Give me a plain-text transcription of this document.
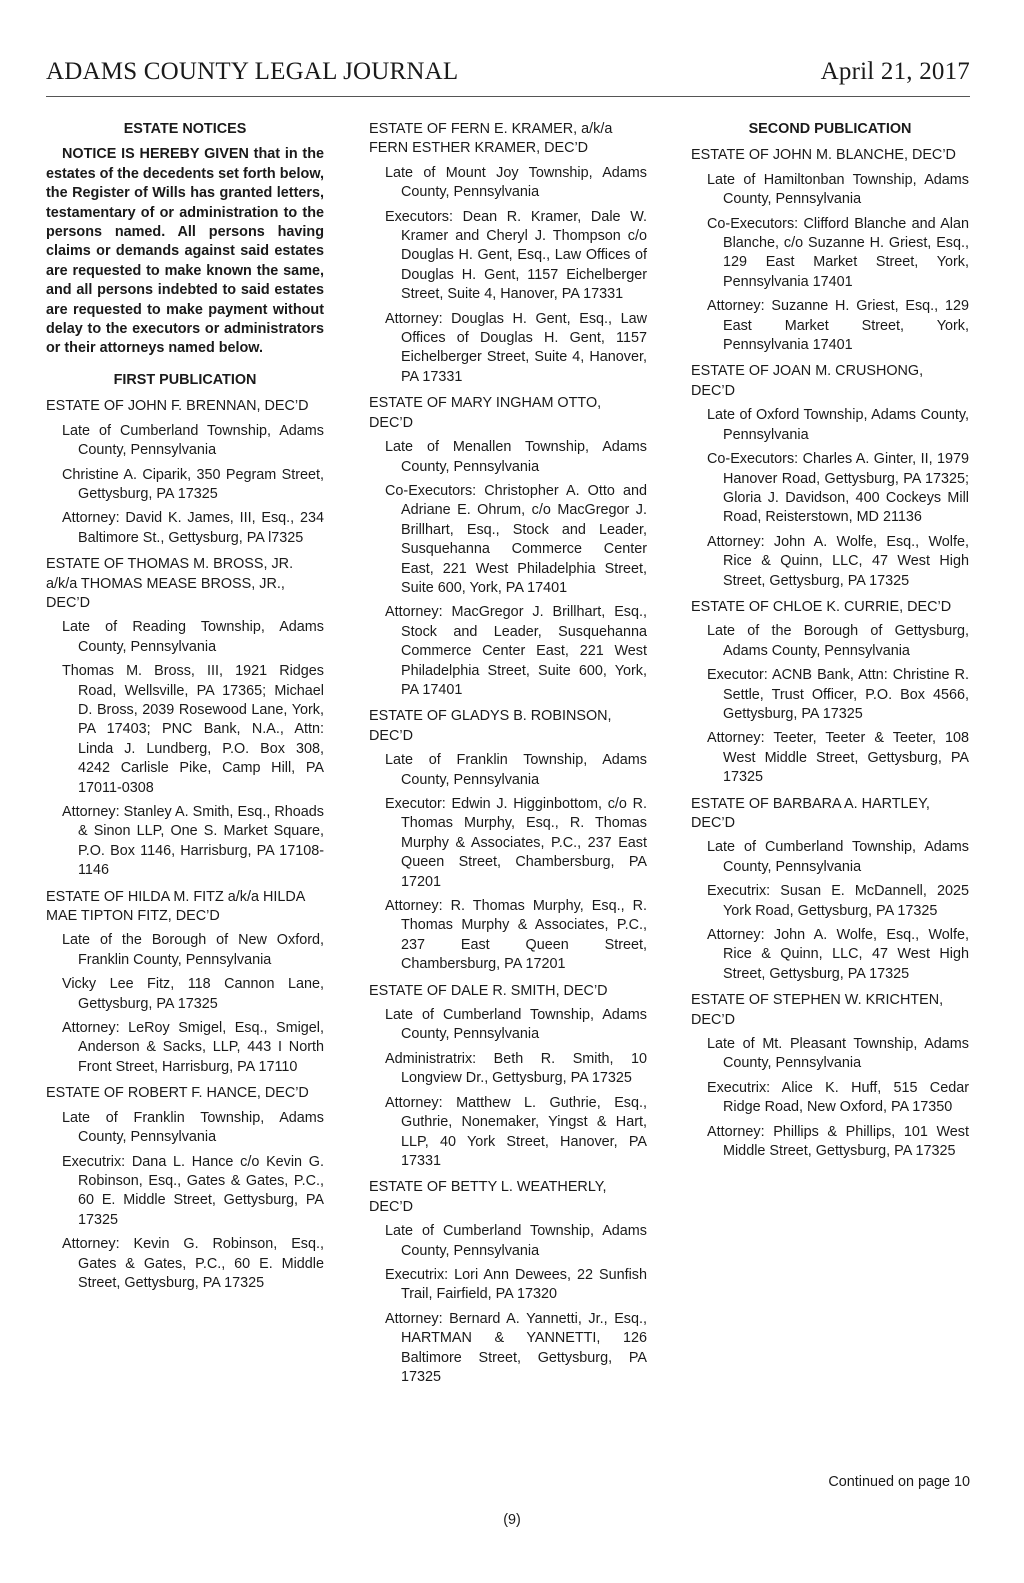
ADAMS COUNTY LEGAL JOURNAL	April 21, 2017
ESTATE NOTICES
NOTICE IS HEREBY GIVEN that in the estates of the decedents set forth below, the Register of Wills has granted letters, testamentary of or administration to the persons named. All persons having claims or demands against said estates are requested to make known the same, and all persons indebted to said estates are requested to make payment without delay to the executors or administrators or their attorneys named below.
FIRST PUBLICATION
ESTATE OF JOHN F. BRENNAN, DEC’D
Late of Cumberland Township, Adams County, Pennsylvania
Christine A. Ciparik, 350 Pegram Street, Gettysburg, PA 17325
Attorney: David K. James, III, Esq., 234 Baltimore St., Gettysburg, PA l7325
ESTATE OF THOMAS M. BROSS, JR. a/k/a THOMAS MEASE BROSS, JR., DEC’D
Late of Reading Township, Adams County, Pennsylvania
Thomas M. Bross, III, 1921 Ridges Road, Wellsville, PA 17365; Michael D. Bross, 2039 Rosewood Lane, York, PA 17403; PNC Bank, N.A., Attn: Linda J. Lundberg, P.O. Box 308, 4242 Carlisle Pike, Camp Hill, PA 17011-0308
Attorney: Stanley A. Smith, Esq., Rhoads & Sinon LLP, One S. Market Square, P.O. Box 1146, Harrisburg, PA 17108-1146
ESTATE OF HILDA M. FITZ a/k/a HILDA MAE TIPTON FITZ, DEC’D
Late of the Borough of New Oxford, Franklin County, Pennsylvania
Vicky Lee Fitz, 118 Cannon Lane, Gettysburg, PA 17325
Attorney: LeRoy Smigel, Esq., Smigel, Anderson & Sacks, LLP, 443 I North Front Street, Harrisburg, PA 17110
ESTATE OF ROBERT F. HANCE, DEC’D
Late of Franklin Township, Adams County, Pennsylvania
Executrix: Dana L. Hance c/o Kevin G. Robinson, Esq., Gates & Gates, P.C., 60 E. Middle Street, Gettysburg, PA 17325
Attorney: Kevin G. Robinson, Esq., Gates & Gates, P.C., 60 E. Middle Street, Gettysburg, PA 17325
ESTATE OF FERN E. KRAMER, a/k/a FERN ESTHER KRAMER, DEC’D
Late of Mount Joy Township, Adams County, Pennsylvania
Executors: Dean R. Kramer, Dale W. Kramer and Cheryl J. Thompson c/o Douglas H. Gent, Esq., Law Offices of Douglas H. Gent, 1157 Eichelberger Street, Suite 4, Hanover, PA 17331
Attorney: Douglas H. Gent, Esq., Law Offices of Douglas H. Gent, 1157 Eichelberger Street, Suite 4, Hanover, PA 17331
ESTATE OF MARY INGHAM OTTO, DEC’D
Late of Menallen Township, Adams County, Pennsylvania
Co-Executors: Christopher A. Otto and Adriane E. Ohrum, c/o MacGregor J. Brillhart, Esq., Stock and Leader, Susquehanna Commerce Center East, 221 West Philadelphia Street, Suite 600, York, PA 17401
Attorney: MacGregor J. Brillhart, Esq., Stock and Leader, Susquehanna Commerce Center East, 221 West Philadelphia Street, Suite 600, York, PA 17401
ESTATE OF GLADYS B. ROBINSON, DEC’D
Late of Franklin Township, Adams County, Pennsylvania
Executor: Edwin J. Higginbottom, c/o R. Thomas Murphy, Esq., R. Thomas Murphy & Associates, P.C., 237 East Queen Street, Chambersburg, PA 17201
Attorney: R. Thomas Murphy, Esq., R. Thomas Murphy & Associates, P.C., 237 East Queen Street, Chambersburg, PA 17201
ESTATE OF DALE R. SMITH, DEC’D
Late of Cumberland Township, Adams County, Pennsylvania
Administratrix: Beth R. Smith, 10 Longview Dr., Gettysburg, PA 17325
Attorney: Matthew L. Guthrie, Esq., Guthrie, Nonemaker, Yingst & Hart, LLP, 40 York Street, Hanover, PA 17331
ESTATE OF BETTY L. WEATHERLY, DEC’D
Late of Cumberland Township, Adams County, Pennsylvania
Executrix: Lori Ann Dewees, 22 Sunfish Trail, Fairfield, PA 17320
Attorney: Bernard A. Yannetti, Jr., Esq., HARTMAN & YANNETTI, 126 Baltimore Street, Gettysburg, PA 17325
SECOND PUBLICATION
ESTATE OF JOHN M. BLANCHE, DEC’D
Late of Hamiltonban Township, Adams County, Pennsylvania
Co-Executors: Clifford Blanche and Alan Blanche, c/o Suzanne H. Griest, Esq., 129 East Market Street, York, Pennsylvania 17401
Attorney: Suzanne H. Griest, Esq., 129 East Market Street, York, Pennsylvania 17401
ESTATE OF JOAN M. CRUSHONG, DEC’D
Late of Oxford Township, Adams County, Pennsylvania
Co-Executors: Charles A. Ginter, II, 1979 Hanover Road, Gettysburg, PA 17325; Gloria J. Davidson, 400 Cockeys Mill Road, Reisterstown, MD 21136
Attorney: John A. Wolfe, Esq., Wolfe, Rice & Quinn, LLC, 47 West High Street, Gettysburg, PA 17325
ESTATE OF CHLOE K. CURRIE, DEC’D
Late of the Borough of Gettysburg, Adams County, Pennsylvania
Executor: ACNB Bank, Attn: Christine R. Settle, Trust Officer, P.O. Box 4566, Gettysburg, PA 17325
Attorney: Teeter, Teeter & Teeter, 108 West Middle Street, Gettysburg, PA 17325
ESTATE OF BARBARA A. HARTLEY, DEC’D
Late of Cumberland Township, Adams County, Pennsylvania
Executrix: Susan E. McDannell, 2025 York Road, Gettysburg, PA 17325
Attorney: John A. Wolfe, Esq., Wolfe, Rice & Quinn, LLC, 47 West High Street, Gettysburg, PA 17325
ESTATE OF STEPHEN W. KRICHTEN, DEC’D
Late of Mt. Pleasant Township, Adams County, Pennsylvania
Executrix: Alice K. Huff, 515 Cedar Ridge Road, New Oxford, PA 17350
Attorney: Phillips & Phillips, 101 West Middle Street, Gettysburg, PA 17325
Continued on page 10
(9)
